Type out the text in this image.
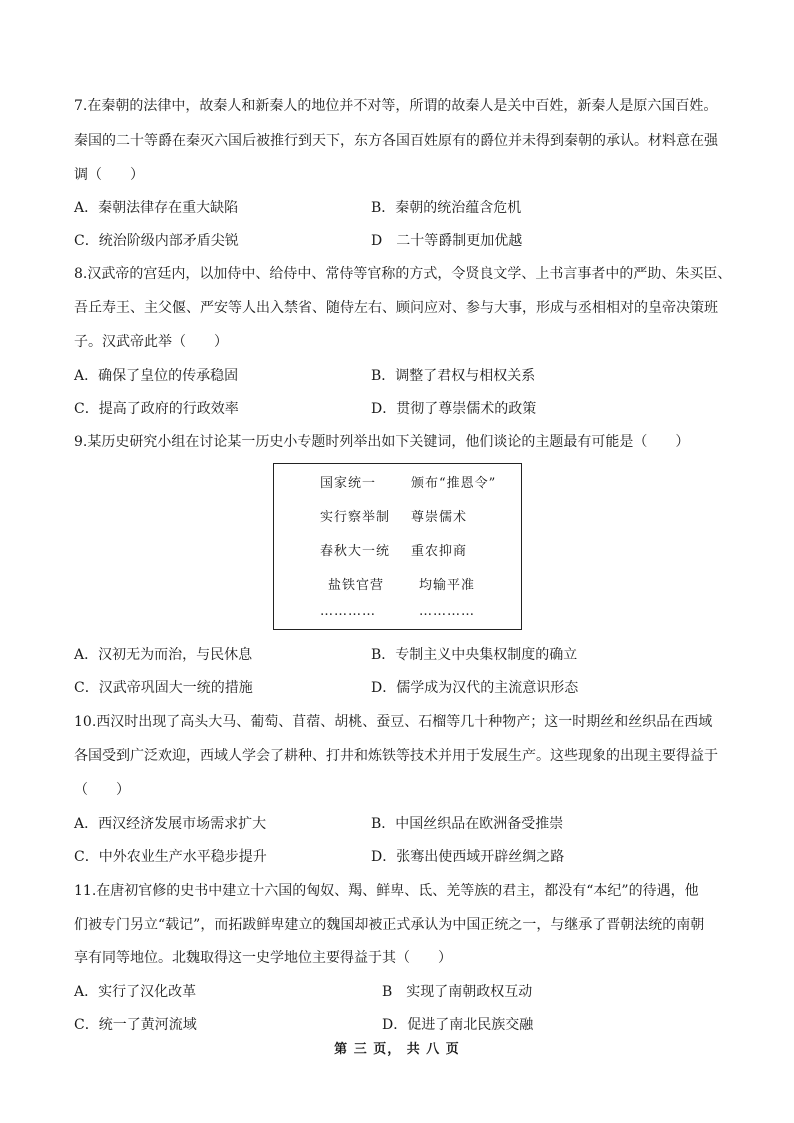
7.在秦朝的法律中，故秦人和新秦人的地位并不对等，所谓的故秦人是关中百姓，新秦人是原六国百姓。
秦国的二十等爵在秦灭六国后被推行到天下，东方各国百姓原有的爵位并未得到秦朝的承认。材料意在强
调（　　）
A．秦朝法律存在重大缺陷	B．秦朝的统治蕴含危机
C．统治阶级内部矛盾尖锐	D　二十等爵制更加优越
8.汉武帝的宫廷内，以加侍中、给侍中、常侍等官称的方式，令贤良文学、上书言事者中的严助、朱买臣、
吾丘寿王、主父偃、严安等人出入禁省、随侍左右、顾问应对、参与大事，形成与丞相相对的皇帝决策班
子。汉武帝此举（　　）
A．确保了皇位的传承稳固	B．调整了君权与相权关系
C．提高了政府的行政效率	D．贯彻了尊崇儒术的政策
9.某历史研究小组在讨论某一历史小专题时列举出如下关键词，他们谈论的主题最有可能是（　　）
国家统一	颁布“推恩令”
实行察举制 尊崇儒术
春秋大一统 重农抑商
盐铁官营	均输平准
…………	…………
A．汉初无为而治，与民休息	B．专制主义中央集权制度的确立
C．汉武帝巩固大一统的措施	D．儒学成为汉代的主流意识形态
10.西汉时出现了高头大马、葡萄、苜蓿、胡桃、蚕豆、石榴等几十种物产；这一时期丝和丝织品在西域
各国受到广泛欢迎，西域人学会了耕种、打井和炼铁等技术并用于发展生产。这些现象的出现主要得益于
（　　）
A．西汉经济发展市场需求扩大	B．中国丝织品在欧洲备受推崇
C．中外农业生产水平稳步提升	D．张骞出使西域开辟丝绸之路
11.在唐初官修的史书中建立十六国的匈奴、羯、鲜卑、氐、羌等族的君主，都没有“本纪”的待遇，他
们被专门另立“载记”，而拓跋鲜卑建立的魏国却被正式承认为中国正统之一，与继承了晋朝法统的南朝
享有同等地位。北魏取得这一史学地位主要得益于其（　　）
A．实行了汉化改革	B　实现了南朝政权互动
C．统一了黄河流域	D．促进了南北民族交融
第 三 页， 共 八 页
